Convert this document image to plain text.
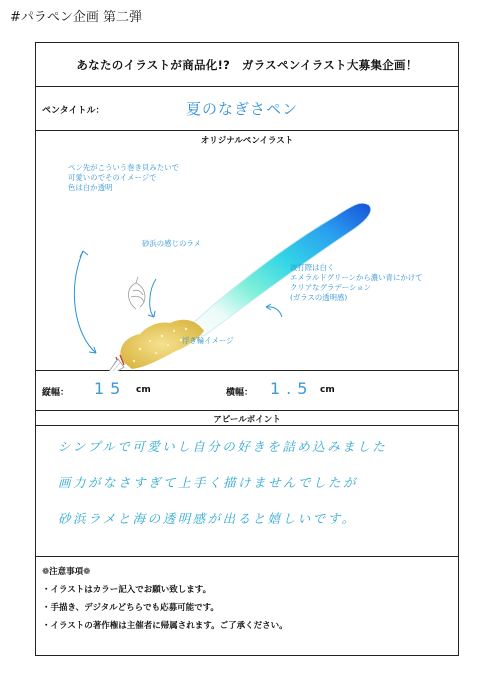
#パラペン企画 第二弾
あなたのイラストが商品化!?　ガラスペンイラスト大募集企画！
ペンタイトル：	夏のなぎさペン
オリジナルペンイラスト
ペン先がこういう巻き貝みたいで
可愛いのでそのイメージで
色は白か透明
砂浜の感じのラメ
波打際は白く
エメラルドグリーンから濃い青にかけて
クリアなグラデーション
(ガラスの透明感)
浮き輪イメージ
縦幅： 15 cm	横幅： 1.5 cm
アピールポイント
シンプルで可愛いし自分の好きを詰め込みました
画力がなさすぎて上手く描けませんでしたが
砂浜ラメと海の透明感が出ると嬉しいです。
❁注意事項❁
・イラストはカラー記入でお願い致します。
・手描き、デジタルどちらでも応募可能です。
・イラストの著作権は主催者に帰属されます。ご了承ください。
